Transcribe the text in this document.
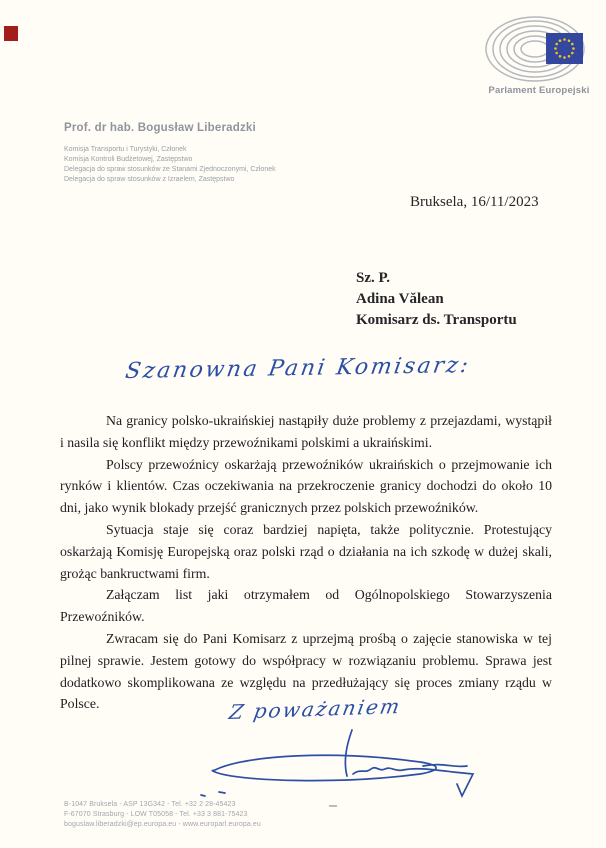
Parlament Europejski
Prof. dr hab. Bogusław Liberadzki
Komisja Transportu i Turystyki, Członek
Komisja Kontroli Budżetowej, Zastępstwo
Delegacja do spraw stosunków ze Stanami Zjednoczonymi, Członek
Delegacja do spraw stosunków z Izraelem, Zastępstwo
Bruksela, 16/11/2023
Sz. P.
Adina Vălean
Komisarz ds. Transportu
Szanowna Pani Komisarz:

Na granicy polsko-ukraińskiej nastąpiły duże problemy z przejazdami, wystąpił i nasila się konflikt między przewoźnikami polskimi a ukraińskimi.

Polscy przewoźnicy oskarżają przewoźników ukraińskich o przejmowanie ich rynków i klientów. Czas oczekiwania na przekroczenie granicy dochodzi do około 10 dni, jako wynik blokady przejść granicznych przez polskich przewoźników.

Sytuacja staje się coraz bardziej napięta, także politycznie. Protestujący oskarżają Komisję Europejską oraz polski rząd o działania na ich szkodę w dużej skali, grożąc bankructwami firm.

Załączam list jaki otrzymałem od Ogólnopolskiego Stowarzyszenia Przewoźników.

Zwracam się do Pani Komisarz z uprzejmą prośbą o zajęcie stanowiska w tej pilnej sprawie. Jestem gotowy do współpracy w rozwiązaniu problemu. Sprawa jest dodatkowo skomplikowana ze względu na przedłużający się proces zmiany rządu w Polsce.	Z poważaniem
B-1047 Bruksela - ASP 13G342 - Tel. +32 2 28-45423
F-67070 Strasburg - LOW T05058 - Tel. +33 3 881-75423
boguslaw.liberadzki@ep.europa.eu - www.europarl.europa.eu
